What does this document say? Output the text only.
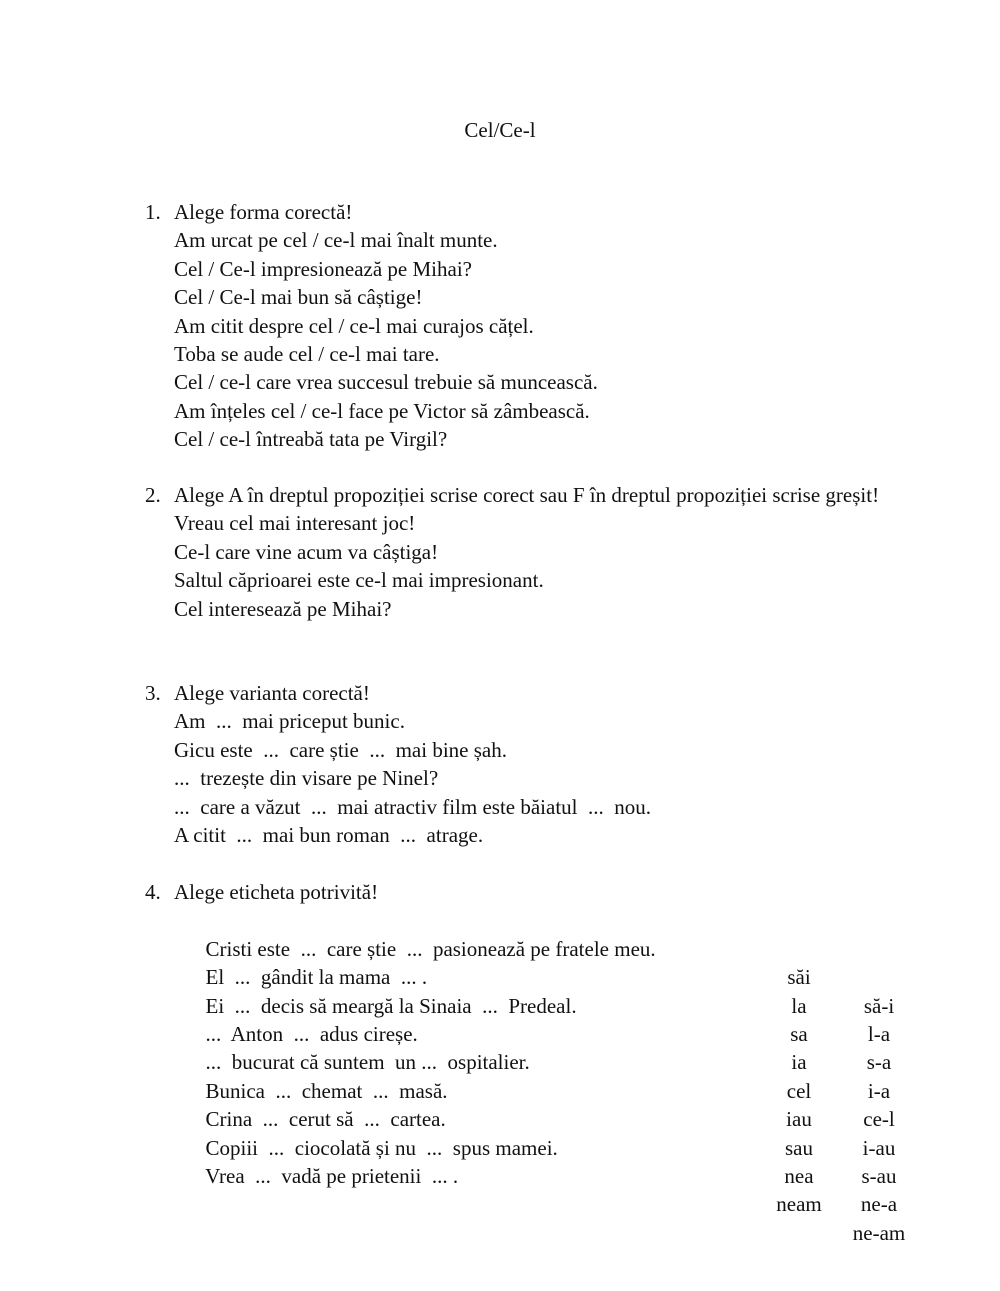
Cel/Ce-l
1. Alege forma corectă!
Am urcat pe cel / ce-l mai înalt munte.
Cel / Ce-l impresionează pe Mihai?
Cel / Ce-l mai bun să câștige!
Am citit despre cel / ce-l mai curajos cățel.
Toba se aude cel / ce-l mai tare.
Cel / ce-l care vrea succesul trebuie să muncească.
Am înțeles cel / ce-l face pe Victor să zâmbească.
Cel / ce-l întreabă tata pe Virgil?
2. Alege A în dreptul propoziției scrise corect sau F în dreptul propoziției scrise greșit!
Vreau cel mai interesant joc!
Ce-l care vine acum va câștiga!
Saltul căprioarei este ce-l mai impresionant.
Cel interesează pe Mihai?
3. Alege varianta corectă!
Am  ...  mai priceput bunic.
Gicu este  ...  care știe  ...  mai bine șah.
...  trezește din visare pe Ninel?
...  care a văzut  ...  mai atractiv film este băiatul  ...  nou.
A citit  ...  mai bun roman  ...  atrage.
4. Alege eticheta potrivită!

Cristi este  ...  care știe  ...  pasionează pe fratele meu.

săi

să-i

El  ...  gândit la mama  ... .

la

l-a

Ei  ...  decis să meargă la Sinaia  ...  Predeal.

sa

s-a

...  Anton  ...  adus cireșe.

ia

i-a

...  bucurat că suntem  un ...  ospitalier.

cel

ce-l

Bunica  ...  chemat  ...  masă.

iau

i-au

Crina  ...  cerut să  ...  cartea.

sau

s-au

Copiii  ...  ciocolată și nu  ...  spus mamei.

nea

ne-a

Vrea  ...  vadă pe prietenii  ... .

neam

ne-am
